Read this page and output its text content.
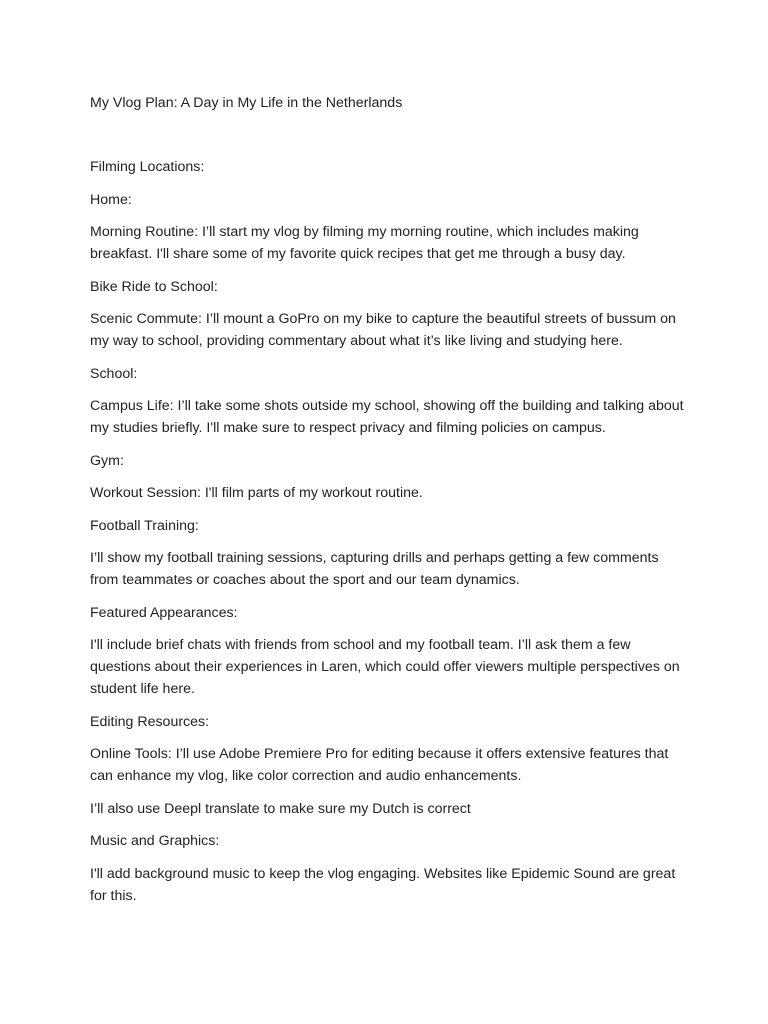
My Vlog Plan: A Day in My Life in the Netherlands

Filming Locations:

Home:

Morning Routine: I’ll start my vlog by filming my morning routine, which includes making breakfast. I'll share some of my favorite quick recipes that get me through a busy day.

Bike Ride to School:

Scenic Commute: I’ll mount a GoPro on my bike to capture the beautiful streets of bussum on my way to school, providing commentary about what it’s like living and studying here.

School:

Campus Life: I’ll take some shots outside my school, showing off the building and talking about my studies briefly. I'll make sure to respect privacy and filming policies on campus.

Gym:

Workout Session: I'll film parts of my workout routine.

Football Training:

I’ll show my football training sessions, capturing drills and perhaps getting a few comments from teammates or coaches about the sport and our team dynamics.

Featured Appearances:

I'll include brief chats with friends from school and my football team. I’ll ask them a few questions about their experiences in Laren, which could offer viewers multiple perspectives on student life here.

Editing Resources:

Online Tools: I’ll use Adobe Premiere Pro for editing because it offers extensive features that can enhance my vlog, like color correction and audio enhancements.

I’ll also use Deepl translate to make sure my Dutch is correct

Music and Graphics:

I'll add background music to keep the vlog engaging. Websites like Epidemic Sound are great for this.
